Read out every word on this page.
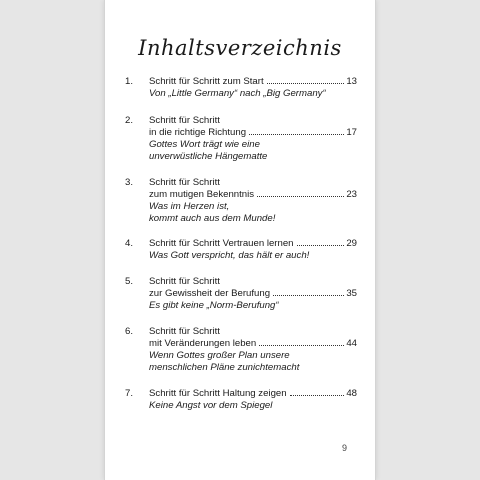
Inhaltsverzeichnis
1.	Schritt für Schritt zum Start	13
Von „Little Germany“ nach „Big Germany“
2.	Schritt für Schritt
in die richtige Richtung	17
Gottes Wort trägt wie eine
unverwüstliche Hängematte
3.	Schritt für Schritt
zum mutigen Bekenntnis	23
Was im Herzen ist,
kommt auch aus dem Munde!
4.	Schritt für Schritt Vertrauen lernen	29
Was Gott verspricht, das hält er auch!
5.	Schritt für Schritt
zur Gewissheit der Berufung	35
Es gibt keine „Norm-Berufung“
6.	Schritt für Schritt
mit Veränderungen leben	44
Wenn Gottes großer Plan unsere
menschlichen Pläne zunichtemacht
7.	Schritt für Schritt Haltung zeigen	48
Keine Angst vor dem Spiegel
9
